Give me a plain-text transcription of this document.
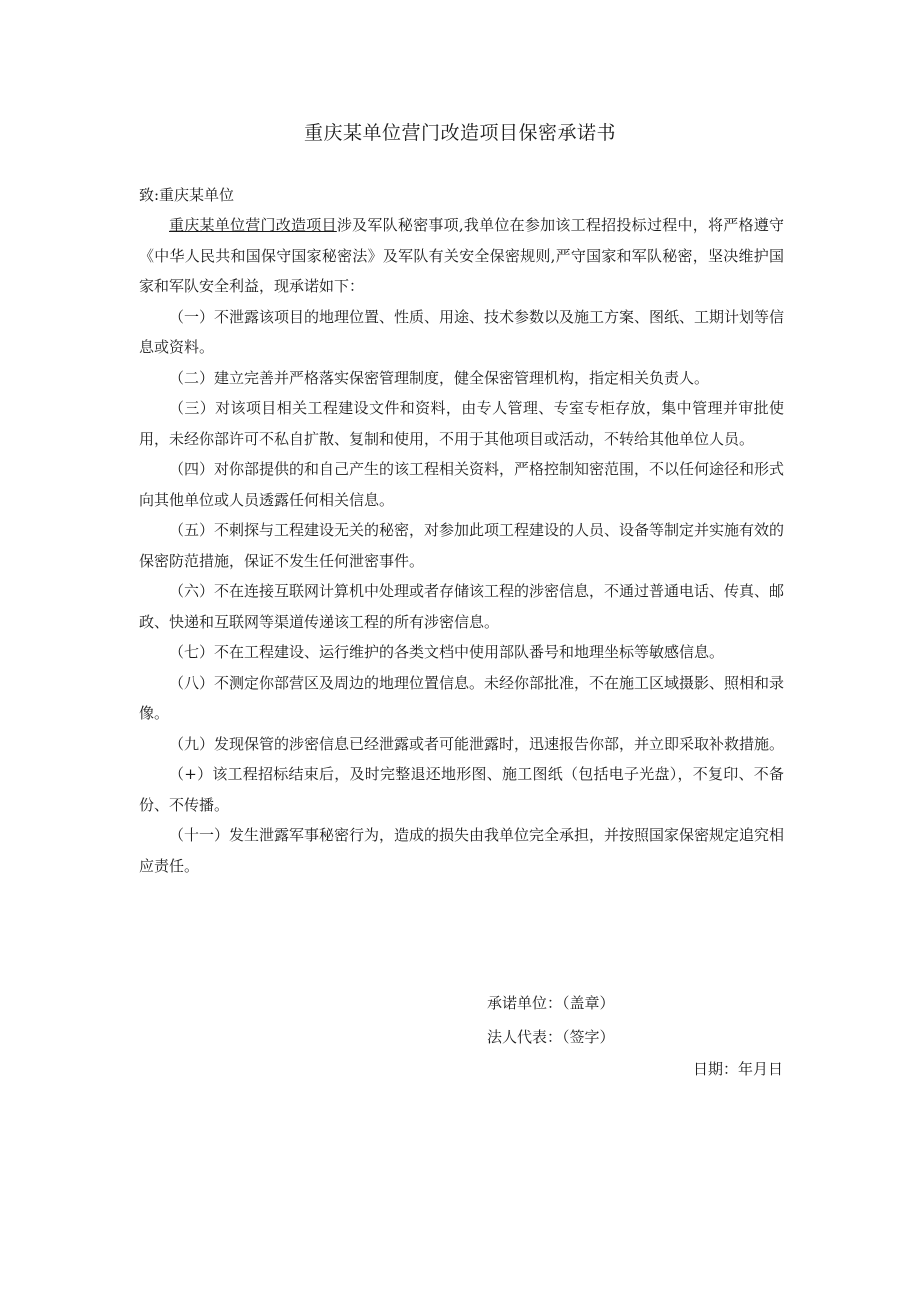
重庆某单位营门改造项目保密承诺书

致:重庆某单位

重庆某单位营门改造项目涉及军队秘密事项,我单位在参加该工程招投标过程中，将严格遵守《中华人民共和国保守国家秘密法》及军队有关安全保密规则,严守国家和军队秘密，坚决维护国家和军队安全利益，现承诺如下：

（一）不泄露该项目的地理位置、性质、用途、技术参数以及施工方案、图纸、工期计划等信息或资料。

（二）建立完善并严格落实保密管理制度，健全保密管理机构，指定相关负责人。

（三）对该项目相关工程建设文件和资料，由专人管理、专室专柜存放，集中管理并审批使用，未经你部许可不私自扩散、复制和使用，不用于其他项目或活动，不转给其他单位人员。

（四）对你部提供的和自己产生的该工程相关资料，严格控制知密范围，不以任何途径和形式向其他单位或人员透露任何相关信息。

（五）不刺探与工程建设无关的秘密，对参加此项工程建设的人员、设备等制定并实施有效的保密防范措施，保证不发生任何泄密事件。

（六）不在连接互联网计算机中处理或者存储该工程的涉密信息，不通过普通电话、传真、邮政、快递和互联网等渠道传递该工程的所有涉密信息。

（七）不在工程建设、运行维护的各类文档中使用部队番号和地理坐标等敏感信息。

（八）不测定你部营区及周边的地理位置信息。未经你部批准，不在施工区域摄影、照相和录像。

（九）发现保管的涉密信息已经泄露或者可能泄露时，迅速报告你部，并立即采取补救措施。

（+）该工程招标结束后，及时完整退还地形图、施工图纸（包括电子光盘），不复印、不备份、不传播。

（十一）发生泄露军事秘密行为，造成的损失由我单位完全承担，并按照国家保密规定追究相应责任。

承诺单位：（盖章）

法人代表：（签字）

日期：年月日
